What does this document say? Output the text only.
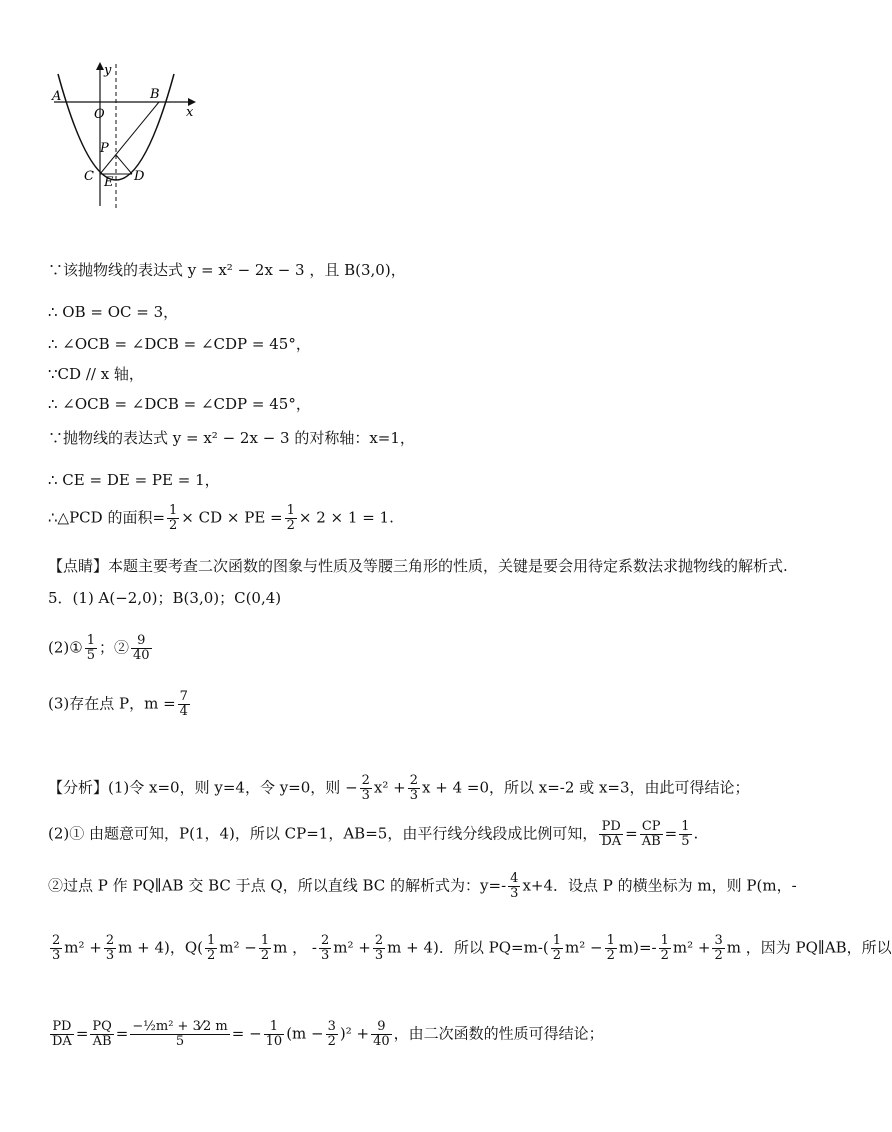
y
x
A	B
O
P
C E D
∵该抛物线的表达式 y = x² − 2x − 3 ，且 B(3,0)，
∴ OB = OC = 3，
∴ ∠OCB = ∠DCB = ∠CDP = 45°，
∵CD // x 轴，
∴ ∠OCB = ∠DCB = ∠CDP = 45°，
∵抛物线的表达式 y = x² − 2x − 3 的对称轴：x=1，
∴ CE = DE = PE = 1，
∴△PCD 的面积= $\frac{1}{2}$ × CD × PE = $\frac{1}{2} \times 2 \times 1 = 1$.
【点睛】本题主要考查二次函数的图象与性质及等腰三角形的性质，关键是要会用待定系数法求抛物线的解析式.
5．(1) A(−2,0)；B(3,0)；C(0,4)
(2)① $\frac{1}{5}$ ；② $\frac{9}{40}$
(3)存在点 P，$m = \frac{7}{4}$
【分析】(1)令 x=0，则 y=4，令 y=0，则 − $\frac{2}{3} x^2 + \frac{2}{3}$ x + 4 =0，所以 x=-2 或 x=3，由此可得结论；
(2)① 由题意可知，P(1，4)，所以 CP=1，AB=5，由平行线分线段成比例可知， $\frac{PD}{DA} = \frac{CP}{AB} = \frac{1}{5}$ .
②过点 P 作 PQ∥AB 交 BC 于点 Q，所以直线 BC 的解析式为：$y=- \frac{4}{3} x+4$．设点 P 的横坐标为 m，则 P(m，-
$\frac{2}{3} m^2 + \frac{2}{3}$ m + 4)，$Q( \frac{1}{2} m^2 - \frac{1}{2}$ m ， - $\frac{2}{3} m^2 + \frac{2}{3}$ m + 4)．所以 $PQ=m-( \frac{1}{2} m^2 - \frac{1}{2} m)=- \frac{1}{2} m^2 + \frac{3}{2}$ m ，因为 PQ∥AB，所以
$\frac{PD}{DA} = \frac{PQ}{AB} = \frac{\text{−½m² + 3⁄2 m}}{5}$ = − $\frac{1}{10} (m - \frac{3}{2} )^2 + \frac{9}{40}$ ，由二次函数的性质可得结论；
